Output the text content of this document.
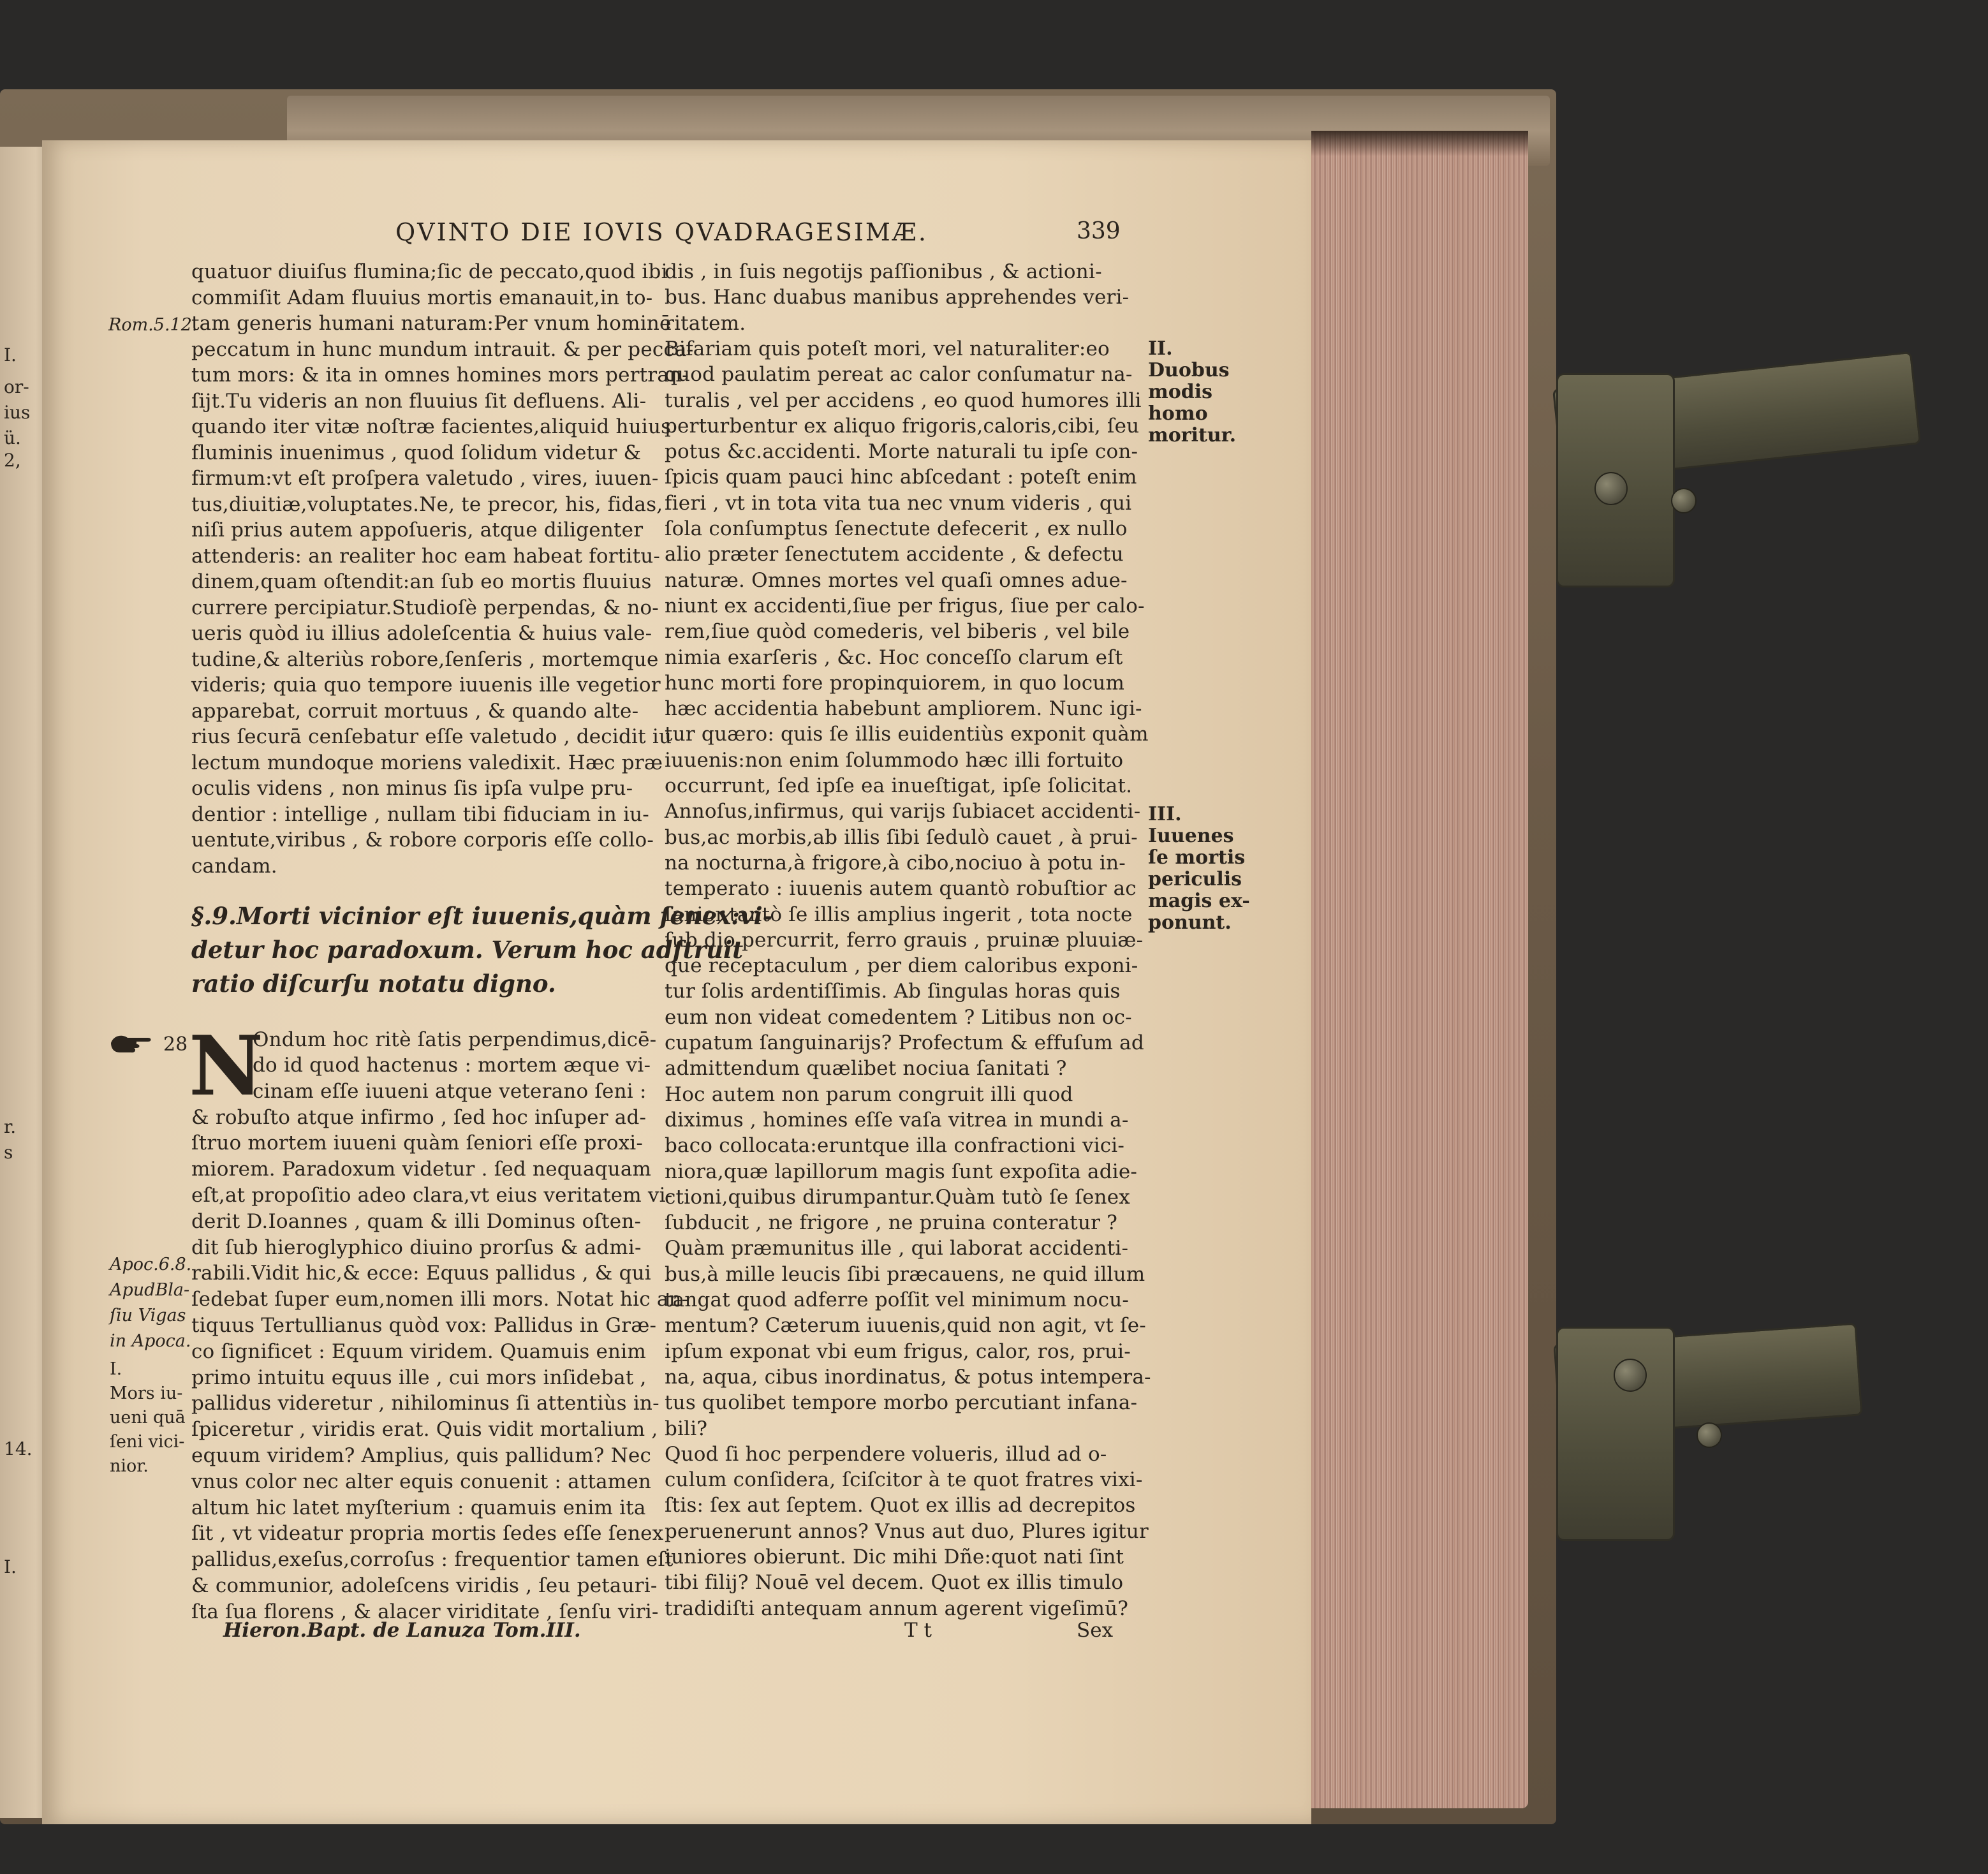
QVINTO DIE IOVIS QVADRAGESIMÆ.	339
28 N
Hieron.Bapt. de Lanuza Tom.III.	T t	Sex
quatuor diuiſus flumina;ſic de peccato,quod ibi
commiſit Adam fluuius mortis emanauit,in to-
tam generis humani naturam:Per vnum hominē
peccatum in hunc mundum intrauit. & per pecca-
tum mors: & ita in omnes homines mors pertran-
ſijt.Tu videris an non fluuius ſit defluens. Ali-
quando iter vitæ noſtræ facientes,aliquid huius
fluminis inuenimus , quod ſolidum videtur &
firmum:vt eſt proſpera valetudo , vires, iuuen-
tus,diuitiæ,voluptates.Ne, te precor, his, fidas,
niſi prius autem appoſueris, atque diligenter
attenderis: an realiter hoc eam habeat fortitu-
dinem,quam oſtendit:an ſub eo mortis fluuius
currere percipiatur.Studioſè perpendas, & no-
ueris quòd iu illius adoleſcentia & huius vale-
tudine,& alteriùs robore,ſenſeris , mortemque
videris; quia quo tempore iuuenis ille vegetior
apparebat, corruit mortuus , & quando alte-
rius ſecurā cenſebatur eſſe valetudo , decidit iu
lectum mundoque moriens valedixit. Hæc præ
oculis videns , non minus ſis ipſa vulpe pru-
dentior : intellige , nullam tibi fiduciam in iu-
uentute,viribus , & robore corporis eſſe collo-
candam.
§.9.Morti vicinior eſt iuuenis,quàm ſenex:vi-
detur hoc paradoxum. Verum hoc adſtruit
ratio diſcurſu notatu digno.
Ondum hoc ritè ſatis perpendimus,dicē-
do id quod hactenus : mortem æque vi-
cinam eſſe iuueni atque veterano ſeni :
& robuſto atque infirmo , ſed hoc inſuper ad-
ſtruo mortem iuueni quàm ſeniori eſſe proxi-
miorem. Paradoxum videtur . ſed nequaquam
eſt,at propoſitio adeo clara,vt eius veritatem vi-
derit D.Ioannes , quam & illi Dominus oſten-
dit ſub hieroglyphico diuino prorſus & admi-
rabili.Vidit hic,& ecce: Equus pallidus , & qui
ſedebat ſuper eum,nomen illi mors. Notat hic an-
tiquus Tertullianus quòd vox: Pallidus in Græ-
co ſignificet : Equum viridem. Quamuis enim
primo intuitu equus ille , cui mors inſidebat ,
pallidus videretur , nihilominus ſi attentiùs in-
ſpiceretur , viridis erat. Quis vidit mortalium ,
equum viridem? Amplius, quis pallidum? Nec
vnus color nec alter equis conuenit : attamen
altum hic latet myſterium : quamuis enim ita
ſit , vt videatur propria mortis ſedes eſſe ſenex
pallidus,exeſus,corroſus : frequentior tamen eſt
& communior, adoleſcens viridis , ſeu petauri-
ſta ſua florens , & alacer viriditate , ſenſu viri-
dis , in ſuis negotijs paſſionibus , & actioni-
bus. Hanc duabus manibus apprehendes veri-
ritatem.
Bifariam quis poteſt mori, vel naturaliter:eo
quod paulatim pereat ac calor conſumatur na-
turalis , vel per accidens , eo quod humores illi
perturbentur ex aliquo frigoris,caloris,cibi, ſeu
potus &c.accidenti. Morte naturali tu ipſe con-
ſpicis quam pauci hinc abſcedant : poteſt enim
fieri , vt in tota vita tua nec vnum videris , qui
ſola conſumptus ſenectute defecerit , ex nullo
alio præter ſenectutem accidente , & defectu
naturæ. Omnes mortes vel quaſi omnes adue-
niunt ex accidenti,ſiue per frigus, ſiue per calo-
rem,ſiue quòd comederis, vel biberis , vel bile
nimia exarſeris , &c. Hoc conceſſo clarum eſt
hunc morti fore propinquiorem, in quo locum
hæc accidentia habebunt ampliorem. Nunc igi-
tur quæro: quis ſe illis euidentiùs exponit quàm
iuuenis:non enim ſolummodo hæc illi fortuito
occurrunt, ſed ipſe ea inueſtigat, ipſe ſolicitat.
Annoſus,infirmus, qui varijs ſubiacet accidenti-
bus,ac morbis,ab illis ſibi ſedulò cauet , à prui-
na nocturna,à frigore,à cibo,nociuo à potu in-
temperato : iuuenis autem quantò robuſtior ac
ſanior,tantò ſe illis amplius ingerit , tota nocte
ſub dio percurrit, ferro grauis , pruinæ pluuiæ-
que receptaculum , per diem caloribus exponi-
tur ſolis ardentiſſimis. Ab ſingulas horas quis
eum non videat comedentem ? Litibus non oc-
cupatum ſanguinarijs? Profectum & effuſum ad
admittendum quælibet nociua ſanitati ?
Hoc autem non parum congruit illi quod
diximus , homines eſſe vaſa vitrea in mundi a-
baco collocata:eruntque illa confractioni vici-
niora,quæ lapillorum magis ſunt expoſita adie-
ctioni,quibus dirumpantur.Quàm tutò ſe ſenex
ſubducit , ne frigore , ne pruina conteratur ?
Quàm præmunitus ille , qui laborat accidenti-
bus,à mille leucis ſibi præcauens, ne quid illum
tangat quod adferre poſſit vel minimum nocu-
mentum? Cæterum iuuenis,quid non agit, vt ſe-
ipſum exponat vbi eum frigus, calor, ros, prui-
na, aqua, cibus inordinatus, & potus intempera-
tus quolibet tempore morbo percutiant infana-
bili?
Quod ſi hoc perpendere volueris, illud ad o-
culum conſidera, ſciſcitor à te quot fratres vixi-
ſtis: ſex aut ſeptem. Quot ex illis ad decrepitos
peruenerunt annos? Vnus aut duo, Plures igitur
iuniores obierunt. Dic mihi Dñe:quot nati ſint
tibi filij? Nouē vel decem. Quot ex illis timulo
tradidiſti antequam annum agerent vigeſimū?
Rom.5.12.
Apoc.6.8.
ApudBla-
ſiu Vigas
in Apoca.
I.
Mors iu-
ueni quā
ſeni vici-
nior.
II.
Duobus
modis
homo
moritur.
III.
Iuuenes
ſe mortis
periculis
magis ex-
ponunt.
I.
or-
ius
ü.
2,
r.
s
14.
I.
